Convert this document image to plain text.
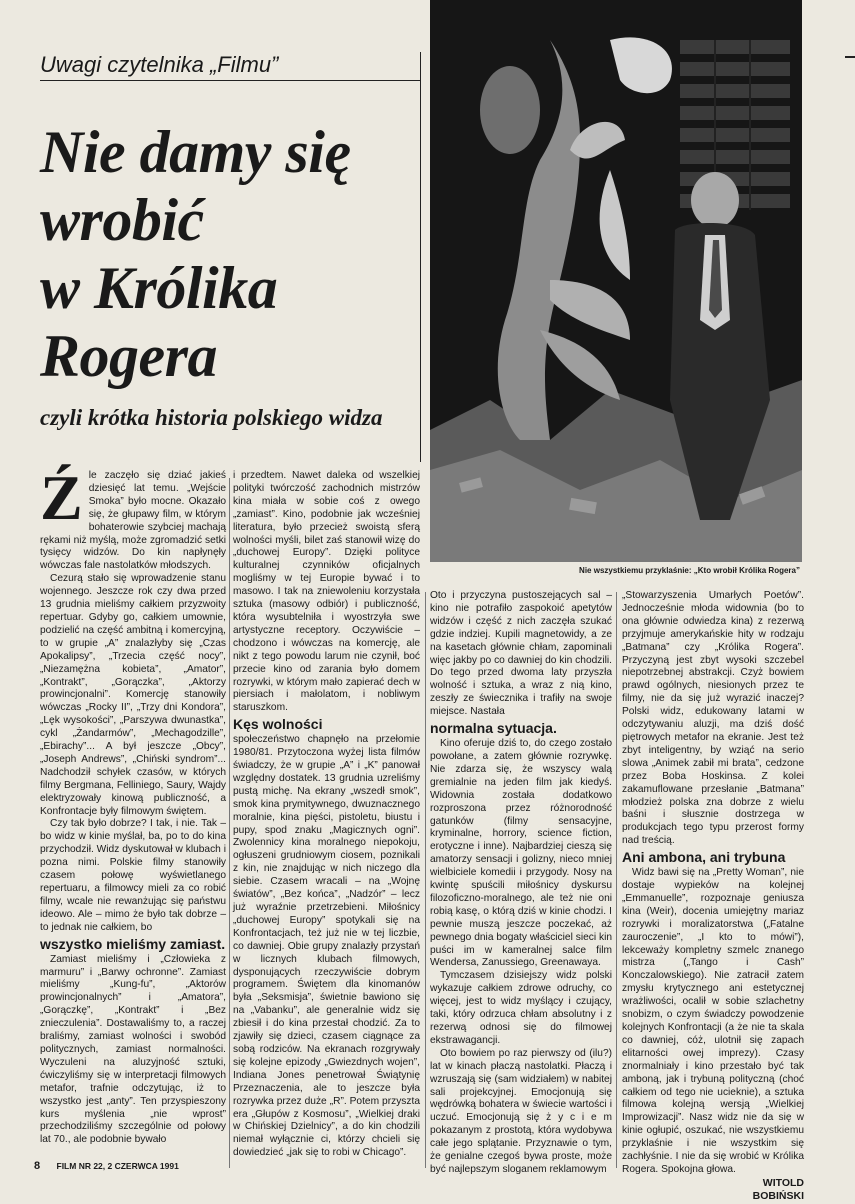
Uwagi czytelnika „Filmu”
Nie damy się
wrobić
w Królika
Rogera
czyli krótka historia polskiego widza
Nie wszystkiemu przyklaśnie: „Kto wrobił Królika Rogera”
Ź le zaczęło się dziać jakieś dziesięć lat temu. „Wejście Smoka” było mocne. Okazało się, że głupawy film, w którym bohaterowie szybciej machają rękami niż myślą, może zgromadzić setki tysięcy widzów. Do kin napłynęły wówczas fale nastolatków młodszych.

Cezurą stało się wprowadzenie stanu wojennego. Jeszcze rok czy dwa przed 13 grudnia mieliśmy całkiem przyzwoity repertuar. Gdyby go, całkiem umownie, podzielić na część ambitną i komercyjną, to w grupie „A” znalazłyby się „Czas Apokalipsy”, „Trzecia część nocy”, „Niezamężna kobieta”, „Amator”, „Kontrakt”, „Gorączka”, „Aktorzy prowincjonalni”. Komercję stanowiły wówczas „Rocky II”, „Trzy dni Kondora”, „Lęk wysokości”, „Parszywa dwunastka”, cykl „Żandarmów”, „Mechagodzille”, „Ebirachy”... A był jeszcze „Obcy”, „Joseph Andrews”, „Chiński syndrom”... Nadchodził schyłek czasów, w których filmy Bergmana, Felliniego, Saury, Wajdy elektryzowały kinową publiczność, a Konfrontacje były filmowym świętem.

Czy tak było dobrze? I tak, i nie. Tak – bo widz w kinie myślał, ba, po to do kina przychodził. Widz dyskutował w klubach i pozna nimi. Polskie filmy stanowiły czasem połowę wyświetlanego repertuaru, a filmowcy mieli za co robić filmy, wcale nie rewanżując się państwu ideowo. Ale – mimo że było tak dobrze – to jednak nie całkiem, bo

wszystko mieliśmy zamiast.

Zamiast mieliśmy i „Człowieka z marmuru” i „Barwy ochronne”. Zamiast mieliśmy „Kung-fu”, „Aktorów prowincjonalnych” i „Amatora”, „Gorączkę”, „Kontrakt” i „Bez znieczulenia”. Dostawaliśmy to, a raczej braliśmy, zamiast wolności i swobód politycznych, zamiast normalności. Wyczuleni na aluzyjność sztuki, ćwiczyliśmy się w interpretacji filmowych metafor, trafnie odczytując, iż to wszystko jest „anty”. Ten przyspieszony kurs myślenia „nie wprost” przechodziliśmy szczególnie od połowy lat 70., ale podobnie bywało

i przedtem. Nawet daleka od wszelkiej polityki twórczość zachodnich mistrzów kina miała w sobie coś z owego „zamiast”. Kino, podobnie jak wcześniej literatura, było przecież swoistą sferą wolności myśli, bilet zaś stanowił wizę do „duchowej Europy”. Dzięki polityce kulturalnej czynników oficjalnych mogliśmy w tej Europie bywać i to masowo. I tak na zniewoleniu korzystała sztuka (masowy odbiór) i publiczność, która wysubtelniła i wyostrzyła swe artystyczne receptory. Oczywiście – chodzono i wówczas na komercję, ale nikt z tego powodu larum nie czynił, boć przecie kino od zarania było domem rozrywki, w którym mało zapierać dech w piersiach i małolatom, i nobliwym staruszkom.

Kęs wolności

społeczeństwo chapnęło na przełomie 1980/81. Przytoczona wyżej lista filmów świadczy, że w grupie „A” i „K” panował względny dostatek. 13 grudnia uzreliśmy pustą michę. Na ekrany „wszedł smok”, smok kina prymitywnego, dwuznacznego moralnie, kina pięści, pistoletu, biustu i pupy, spod znaku „Magicznych ogni”. Zwolennicy kina moralnego niepokoju, ogłuszeni grudniowym ciosem, poznikali z kin, nie znajdując w nich niczego dla siebie. Czasem wracali – na „Wojnę światów”, „Bez końca”, „Nadzór” – lecz już wyraźnie przetrzebieni. Miłośnicy „duchowej Europy” spotykali się na Konfrontacjach, też już nie w tej liczbie, co dawniej. Obie grupy znalazły przystań w licznych klubach filmowych, dysponujących rzeczywiście dobrym programem. Świętem dla kinomanów była „Seksmisja”, świetnie bawiono się na „Vabanku”, ale generalnie widz się zbiesił i do kina przestał chodzić. Za to zjawiły się dzieci, czasem ciągnące za sobą rodziców. Na ekranach rozgrywały się kolejne epizody „Gwiezdnych wojen”, Indiana Jones penetrował Świątynię Przeznaczenia, ale to jeszcze była rozrywka przez duże „R”. Potem przyszta era „Głupów z Kosmosu”, „Wielkiej draki w Chińskiej Dzielnicy”, a do kin chodzili niemał wyłącznie ci, którzy chcieli się dowiedzieć „jak się to robi w Chicago”.

Oto i przyczyna pustoszejących sal – kino nie potrafiło zaspokoić apetytów widzów i część z nich zaczęła szukać gdzie indziej. Kupili magnetowidy, a ze na kasetach głównie chłam, zapominali więc jakby po co dawniej do kin chodzili. Do tego przed dwoma laty przyszła wolność i sztuka, a wraz z nią kino, zeszły ze świecznika i trafiły na swoje miejsce. Nastała

normalna sytuacja.

Kino oferuje dziś to, do czego zostało powołane, a zatem głównie rozrywkę. Nie zdarza się, że wszyscy walą gremialnie na jeden film jak kiedyś. Widownia została dodatkowo rozproszona przez różnorodność gatunków (filmy sensacyjne, kryminalne, horrory, science fiction, erotyczne i inne). Najbardziej cieszą się amatorzy sensacji i golizny, nieco mniej wielbiciele komedii i przygody. Nosy na kwintę spuścili miłośnicy dyskursu filozoficzno-moralnego, ale też nie oni robią kasę, o którą dziś w kinie chodzi. I pewnie muszą jeszcze poczekać, aż pewnego dnia bogaty właściciel sieci kin puści im w kameralnej salce film Wendersa, Zanussiego, Greenawaya.

Tymczasem dzisiejszy widz polski wykazuje całkiem zdrowe odruchy, co więcej, jest to widz myślący i czujący, taki, który odrzuca chłam absolutny i z rezerwą odnosi się do filmowej ekstrawagancji.

Oto bowiem po raz pierwszy od (ilu?) lat w kinach płaczą nastolatki. Płaczą i wzruszają się (sam widziałem) w nabitej sali projekcyjnej. Emocjonują się wędrówką bohatera w świecie wartości i uczuć. Emocjonują się ż y c i e m pokazanym z prostotą, która wydobywa całe jego splątanie. Przyznawie o tym, że genialne czegoś bywa proste, może być najlepszym sloganem reklamowym

„Stowarzyszenia Umarłych Poetów”. Jednocześnie młoda widownia (bo to ona głównie odwiedza kina) z rezerwą przyjmuje amerykańskie hity w rodzaju „Batmana” czy „Królika Rogera”. Przyczyną jest zbyt wysoki szczebel niepotrzebnej abstrakcji. Czyż bowiem prawd ogólnych, niesionych przez te filmy, nie da się już wyrazić inaczej? Polski widz, edukowany latami w odczytywaniu aluzji, ma dziś dość piętrowych metafor na ekranie. Jest też zbyt inteligentny, by wziąć na serio slowa „Animek zabił mi brata”, cedzone przez Boba Hoskinsa. Z kolei zakamuflowane przesłanie „Batmana” młodzież polska zna dobrze z wielu baśni i słusznie dostrzega w produkcjach tego typu przerost formy nad treścią.

Ani ambona, ani trybuna

Widz bawi się na „Pretty Woman”, nie dostaje wypieków na kolejnej „Emmanuelle”, rozpoznaje geniusza kina (Weir), docenia umiejętny mariaz rozrywki i moralizatorstwa („Fatalne zauroczenie”, „I kto to mówi”), lekceważy kompletny szmelc znanego mistrza („Tango i Cash” Konczalowskiego). Nie zatracił zatem zmysłu krytycznego ani estetycznej wrażliwości, ocalił w sobie szlachetny snobizm, o czym świadczy powodzenie kolejnych Konfrontacji (a że nie ta skala co dawniej, cóż, ulotnił się zapach elitarności owej imprezy). Czasy znormalniały i kino przestało być tak amboną, jak i trybuną polityczną (choć całkiem od tego nie ucieknie), a sztuka filmowa kolejną wersją „Wielkiej Improwizacji”. Nasz widz nie da się w kinie ogłupić, oszukać, nie wszystkiemu przyklaśnie i nie wszystkim się zachłyśnie. I nie da się wrobić w Królika Rogera. Spokojna głowa.

WITOLD
BOBIŃSKI
8 FILM NR 22, 2 CZERWCA 1991
